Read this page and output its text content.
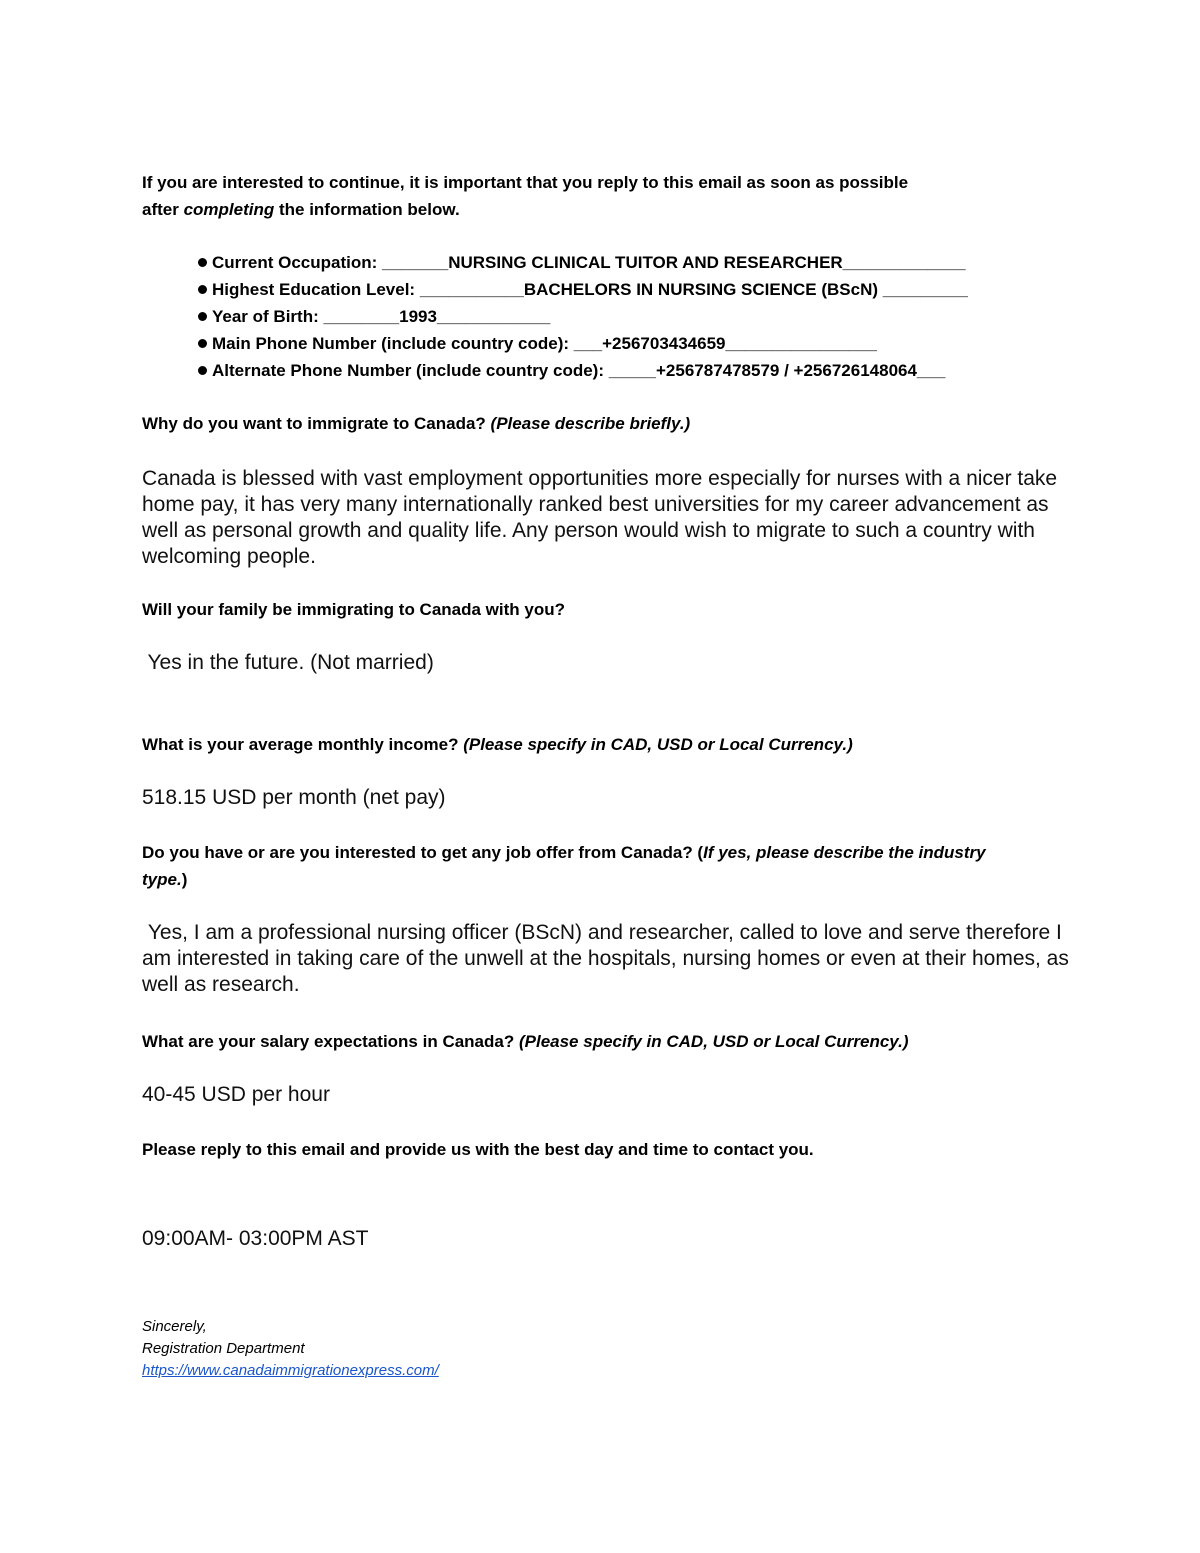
If you are interested to continue, it is important that you reply to this email as soon as possible
after completing the information below.
Current Occupation: _______NURSING CLINICAL TUITOR AND RESEARCHER_____________
Highest Education Level: ___________BACHELORS IN NURSING SCIENCE (BScN) _________
Year of Birth: ________1993____________
Main Phone Number (include country code): ___+256703434659________________
Alternate Phone Number (include country code): _____+256787478579 / +256726148064___
Why do you want to immigrate to Canada? (Please describe briefly.)
Canada is blessed with vast employment opportunities more especially for nurses with a nicer take home pay, it has very many internationally ranked best universities for my career advancement as well as personal growth and quality life. Any person would wish to migrate to such a country with welcoming people.
Will your family be immigrating to Canada with you?
Yes in the future. (Not married)
What is your average monthly income? (Please specify in CAD, USD or Local Currency.)
518.15 USD per month (net pay)
Do you have or are you interested to get any job offer from Canada? (If yes, please describe the industry type.)
Yes, I am a professional nursing officer (BScN) and researcher, called to love and serve therefore I am interested in taking care of the unwell at the hospitals, nursing homes or even at their homes, as well as research.
What are your salary expectations in Canada? (Please specify in CAD, USD or Local Currency.)
40-45 USD per hour
Please reply to this email and provide us with the best day and time to contact you.
09:00AM- 03:00PM AST
Sincerely,
Registration Department
https://www.canadaimmigrationexpress.com/
